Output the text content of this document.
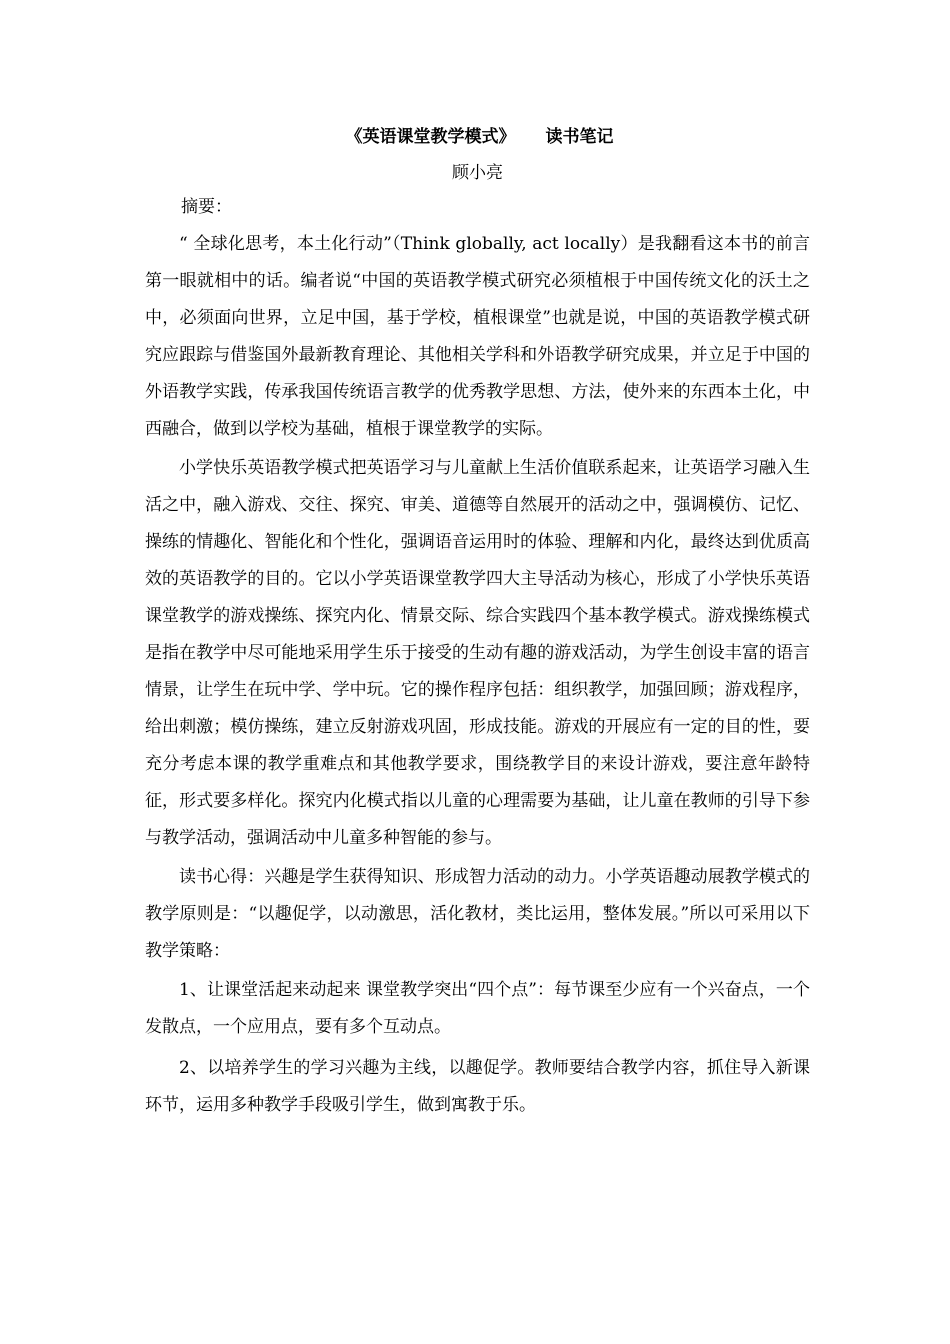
《英语课堂教学模式》 读书笔记
顾小亮
摘要：

“ 全球化思考，本土化行动”（Think globally, act locally）是我翻看这本书的前言第一眼就相中的话。编者说“中国的英语教学模式研究必须植根于中国传统文化的沃土之中，必须面向世界，立足中国，基于学校，植根课堂”也就是说，中国的英语教学模式研究应跟踪与借鉴国外最新教育理论、其他相关学科和外语教学研究成果，并立足于中国的外语教学实践，传承我国传统语言教学的优秀教学思想、方法，使外来的东西本土化，中西融合，做到以学校为基础，植根于课堂教学的实际。

小学快乐英语教学模式把英语学习与儿童献上生活价值联系起来，让英语学习融入生活之中，融入游戏、交往、探究、审美、道德等自然展开的活动之中，强调模仿、记忆、操练的情趣化、智能化和个性化，强调语音运用时的体验、理解和内化，最终达到优质高效的英语教学的目的。它以小学英语课堂教学四大主导活动为核心，形成了小学快乐英语课堂教学的游戏操练、探究内化、情景交际、综合实践四个基本教学模式。游戏操练模式是指在教学中尽可能地采用学生乐于接受的生动有趣的游戏活动，为学生创设丰富的语言情景，让学生在玩中学、学中玩。它的操作程序包括：组织教学，加强回顾；游戏程序，给出刺激；模仿操练，建立反射游戏巩固，形成技能。游戏的开展应有一定的目的性，要充分考虑本课的教学重难点和其他教学要求，围绕教学目的来设计游戏，要注意年龄特征，形式要多样化。探究内化模式指以儿童的心理需要为基础，让儿童在教师的引导下参与教学活动，强调活动中儿童多种智能的参与。

读书心得：兴趣是学生获得知识、形成智力活动的动力。小学英语趣动展教学模式的教学原则是：“以趣促学，以动激思，活化教材，类比运用，整体发展。”所以可采用以下教学策略：

1、让课堂活起来动起来 课堂教学突出“四个点”：每节课至少应有一个兴奋点，一个发散点，一个应用点，要有多个互动点。

2、以培养学生的学习兴趣为主线，以趣促学。教师要结合教学内容，抓住导入新课环节，运用多种教学手段吸引学生，做到寓教于乐。
